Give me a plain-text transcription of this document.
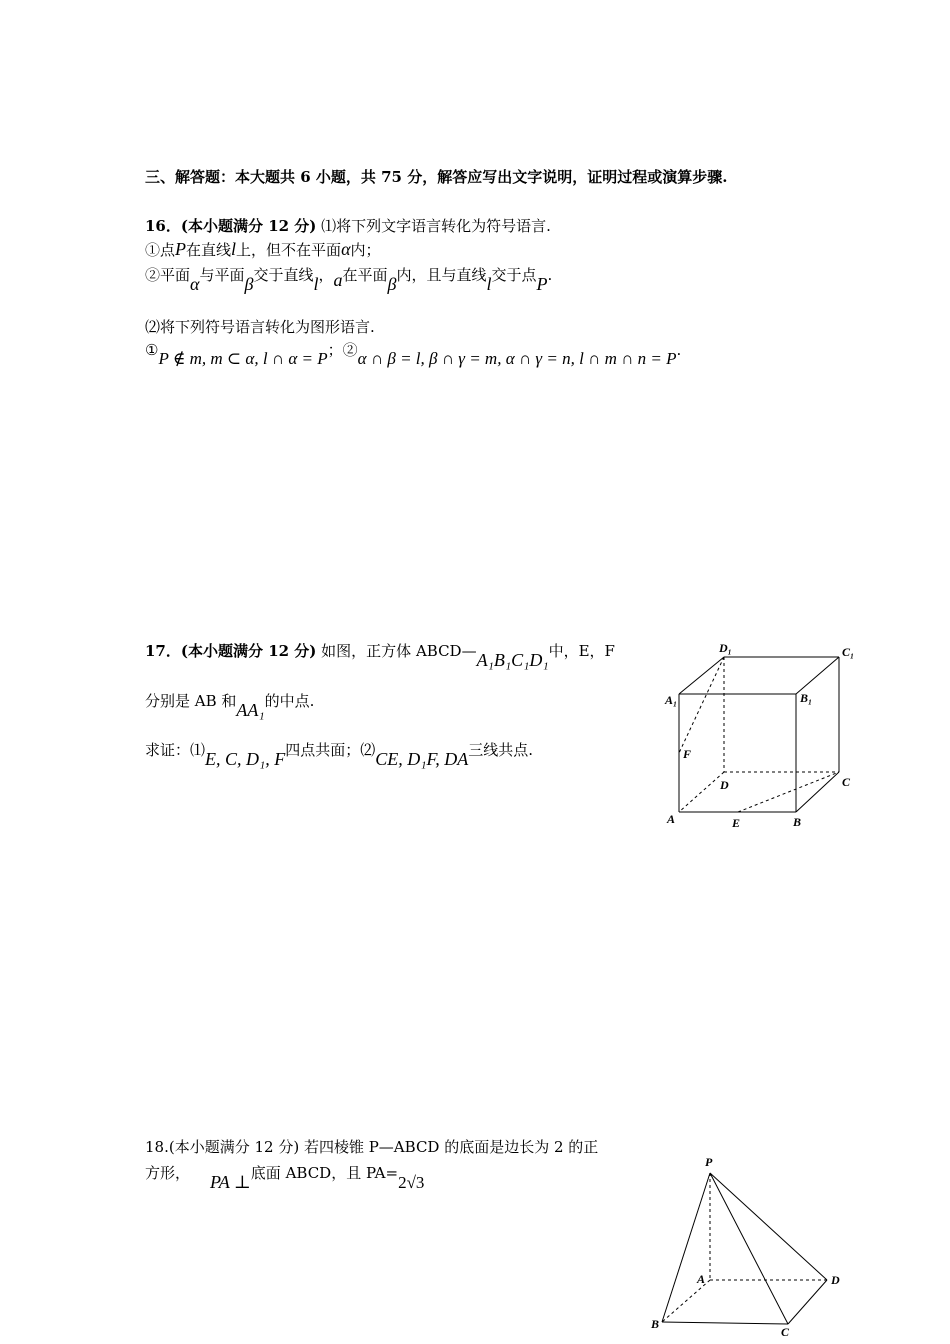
三、解答题：本大题共 6 小题，共 75 分，解答应写出文字说明，证明过程或演算步骤.
16．(本小题满分 12 分) ⑴将下列文字语言转化为符号语言.
①点P在直线l上，但不在平面α内；
②平面α与平面β交于直线l，a在平面β内，且与直线l交于点P.
⑵将下列符号语言转化为图形语言.
①P ∉ m, m ⊂ α, l ∩ α = P；②α ∩ β = l, β ∩ γ = m, α ∩ γ = n, l ∩ m ∩ n = P.
17．(本小题满分 12 分) 如图，正方体 ABCD—A₁B₁C₁D₁中，E，F
分别是 AB 和AA₁的中点.
求证：⑴E, C, D₁, F四点共面；⑵CE, D₁F, DA三线共点.
D₁	C₁
A₁	B₁
F
D	C
A	E	B
18.(本小题满分 12 分) 若四棱锥 P—ABCD 的底面是边长为 2 的正
方形， PA ⊥底面 ABCD，且 PA=2√3
P
A	D
B
C
